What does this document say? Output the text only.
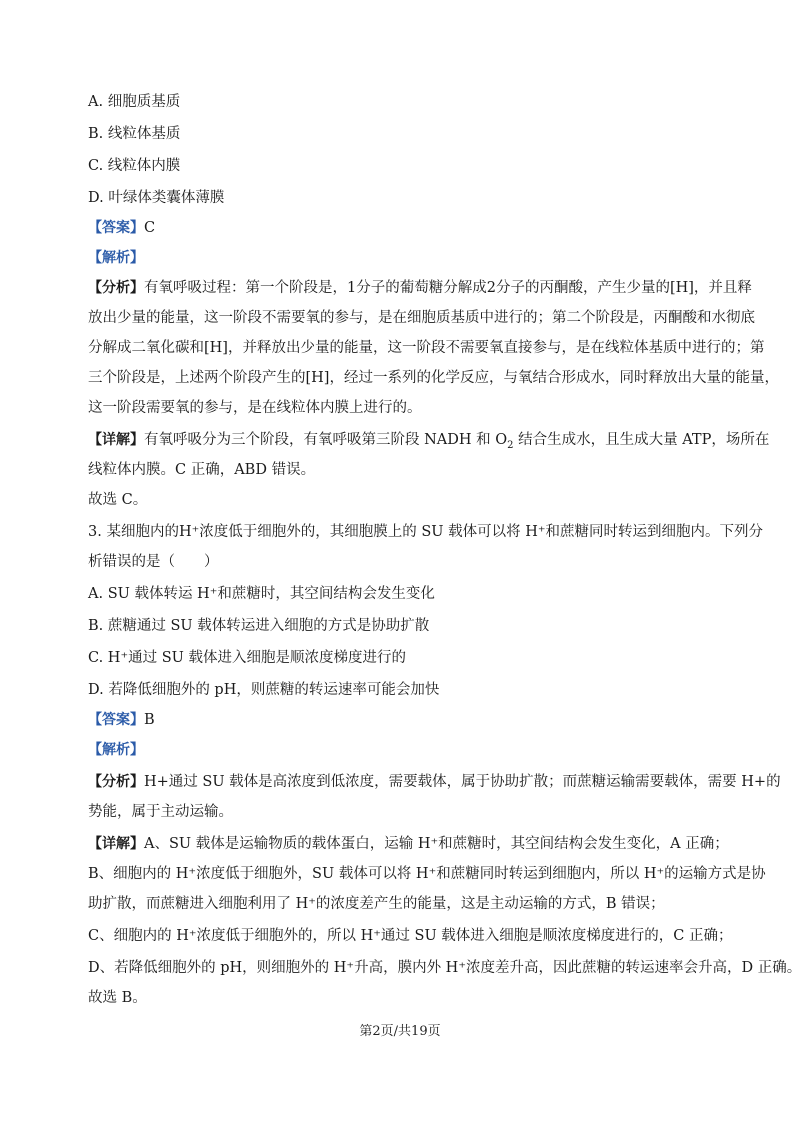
A. 细胞质基质
B. 线粒体基质
C. 线粒体内膜
D. 叶绿体类囊体薄膜
【答案】C
【解析】
【分析】有氧呼吸过程：第一个阶段是，1分子的葡萄糖分解成2分子的丙酮酸，产生少量的[H]，并且释
放出少量的能量，这一阶段不需要氧的参与，是在细胞质基质中进行的；第二个阶段是，丙酮酸和水彻底
分解成二氧化碳和[H]，并释放出少量的能量，这一阶段不需要氧直接参与，是在线粒体基质中进行的；第
三个阶段是，上述两个阶段产生的[H]，经过一系列的化学反应，与氧结合形成水，同时释放出大量的能量，
这一阶段需要氧的参与，是在线粒体内膜上进行的。
【详解】有氧呼吸分为三个阶段，有氧呼吸第三阶段 NADH 和 $O_2$ 结合生成水，且生成大量 ATP，场所在
线粒体内膜。C 正确，ABD 错误。
故选 C。
3. 某细胞内的H⁺浓度低于细胞外的，其细胞膜上的 SU 载体可以将 H⁺和蔗糖同时转运到细胞内。下列分
析错误的是（　　）
A. SU 载体转运 H⁺和蔗糖时，其空间结构会发生变化
B. 蔗糖通过 SU 载体转运进入细胞的方式是协助扩散
C. H⁺通过 SU 载体进入细胞是顺浓度梯度进行的
D. 若降低细胞外的 pH，则蔗糖的转运速率可能会加快
【答案】B
【解析】
【分析】H+通过 SU 载体是高浓度到低浓度，需要载体，属于协助扩散；而蔗糖运输需要载体，需要 H+的
势能，属于主动运输。
【详解】A、SU 载体是运输物质的载体蛋白，运输 H⁺和蔗糖时，其空间结构会发生变化，A 正确；
B、细胞内的 H⁺浓度低于细胞外，SU 载体可以将 H⁺和蔗糖同时转运到细胞内，所以 H⁺的运输方式是协
助扩散，而蔗糖进入细胞利用了 H⁺的浓度差产生的能量，这是主动运输的方式，B 错误；
C、细胞内的 H⁺浓度低于细胞外的，所以 H⁺通过 SU 载体进入细胞是顺浓度梯度进行的，C 正确；
D、若降低细胞外的 pH，则细胞外的 H⁺升高，膜内外 H⁺浓度差升高，因此蔗糖的转运速率会升高，D 正确。
故选 B。
第2页/共19页
